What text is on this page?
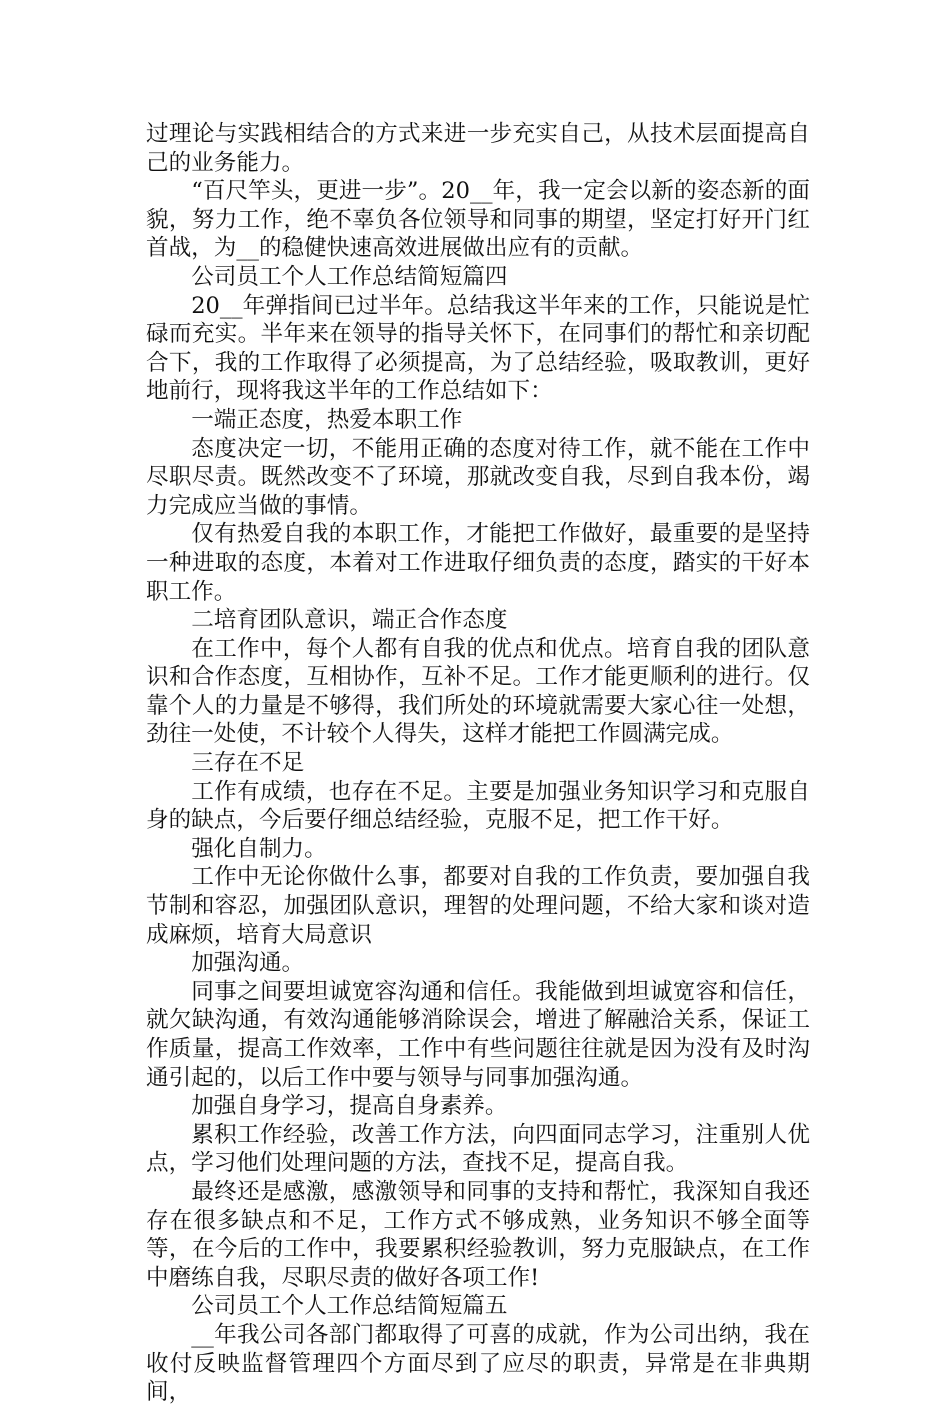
过理论与实践相结合的方式来进一步充实自己，从技术层面提高自己的业务能力。

“百尺竿头，更进一步”。20__年，我一定会以新的姿态新的面貌，努力工作，绝不辜负各位领导和同事的期望，坚定打好开门红首战，为__的稳健快速高效进展做出应有的贡献。

公司员工个人工作总结简短篇四

20__年弹指间已过半年。总结我这半年来的工作，只能说是忙碌而充实。半年来在领导的指导关怀下，在同事们的帮忙和亲切配合下，我的工作取得了必须提高，为了总结经验，吸取教训，更好地前行，现将我这半年的工作总结如下：

一端正态度，热爱本职工作

态度决定一切，不能用正确的态度对待工作，就不能在工作中尽职尽责。既然改变不了环境，那就改变自我，尽到自我本份，竭力完成应当做的事情。

仅有热爱自我的本职工作，才能把工作做好，最重要的是坚持一种进取的态度，本着对工作进取仔细负责的态度，踏实的干好本职工作。

二培育团队意识，端正合作态度

在工作中，每个人都有自我的优点和优点。培育自我的团队意识和合作态度，互相协作，互补不足。工作才能更顺利的进行。仅靠个人的力量是不够得，我们所处的环境就需要大家心往一处想，劲往一处使，不计较个人得失，这样才能把工作圆满完成。

三存在不足

工作有成绩，也存在不足。主要是加强业务知识学习和克服自身的缺点，今后要仔细总结经验，克服不足，把工作干好。

强化自制力。

工作中无论你做什么事，都要对自我的工作负责，要加强自我节制和容忍，加强团队意识，理智的处理问题，不给大家和谈对造成麻烦，培育大局意识

加强沟通。

同事之间要坦诚宽容沟通和信任。我能做到坦诚宽容和信任，就欠缺沟通，有效沟通能够消除误会，增进了解融洽关系，保证工作质量，提高工作效率，工作中有些问题往往就是因为没有及时沟通引起的，以后工作中要与领导与同事加强沟通。

加强自身学习，提高自身素养。

累积工作经验，改善工作方法，向四面同志学习，注重别人优点，学习他们处理问题的方法，查找不足，提高自我。

最终还是感激，感激领导和同事的支持和帮忙，我深知自我还存在很多缺点和不足，工作方式不够成熟，业务知识不够全面等等，在今后的工作中，我要累积经验教训，努力克服缺点，在工作中磨练自我，尽职尽责的做好各项工作!

公司员工个人工作总结简短篇五

__年我公司各部门都取得了可喜的成就，作为公司出纳，我在收付反映监督管理四个方面尽到了应尽的职责，异常是在非典期间，
